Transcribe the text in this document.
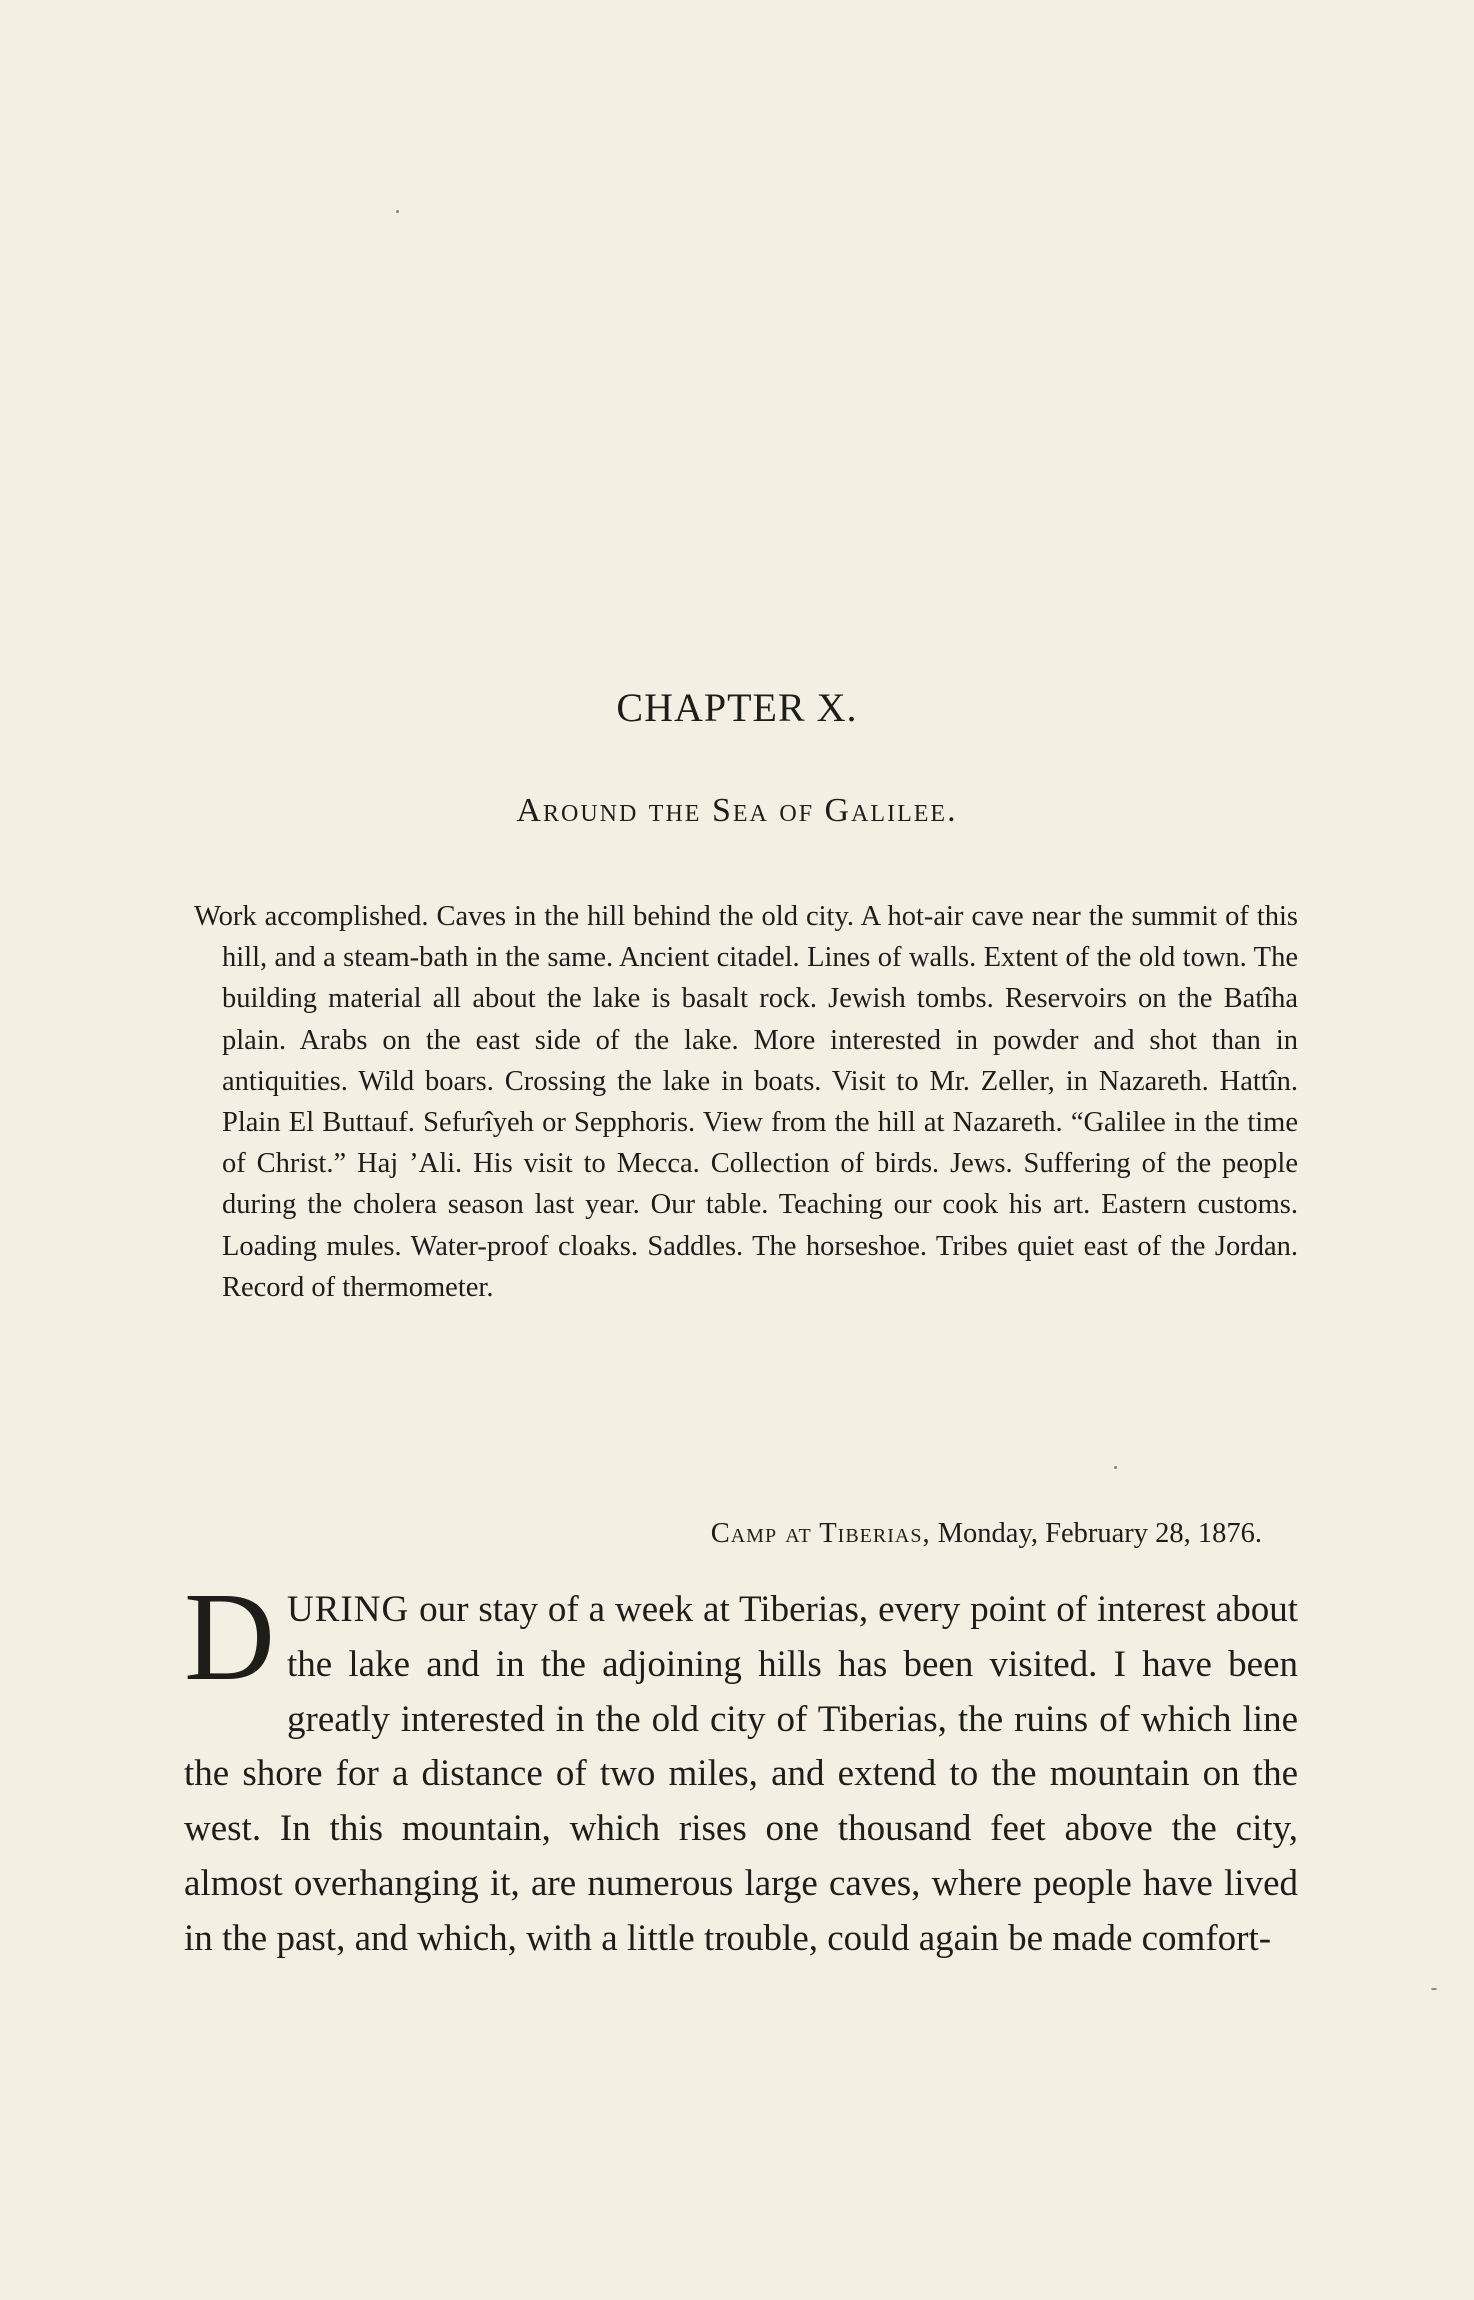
CHAPTER X.
Around the Sea of Galilee.
Work accomplished. Caves in the hill behind the old city. A hot-air cave near the summit of this hill, and a steam-bath in the same. Ancient citadel. Lines of walls. Extent of the old town. The building material all about the lake is basalt rock. Jewish tombs. Reservoirs on the Batîha plain. Arabs on the east side of the lake. More interested in powder and shot than in antiquities. Wild boars. Crossing the lake in boats. Visit to Mr. Zeller, in Nazareth. Hattîn. Plain El Buttauf. Sefurîyeh or Sepphoris. View from the hill at Nazareth. “Galilee in the time of Christ.” Haj ’Ali. His visit to Mecca. Collection of birds. Jews. Suffering of the people during the cholera season last year. Our table. Teaching our cook his art. Eastern customs. Loading mules. Water-proof cloaks. Saddles. The horseshoe. Tribes quiet east of the Jordan. Record of thermometer.
Camp at Tiberias, Monday, February 28, 1876.
D URING our stay of a week at Tiberias, every point of interest about the lake and in the adjoining hills has been visited. I have been greatly interested in the old city of Tiberias, the ruins of which line the shore for a distance of two miles, and extend to the mountain on the west. In this mountain, which rises one thousand feet above the city, almost overhanging it, are numerous large caves, where people have lived in the past, and which, with a little trouble, could again be made comfort-
